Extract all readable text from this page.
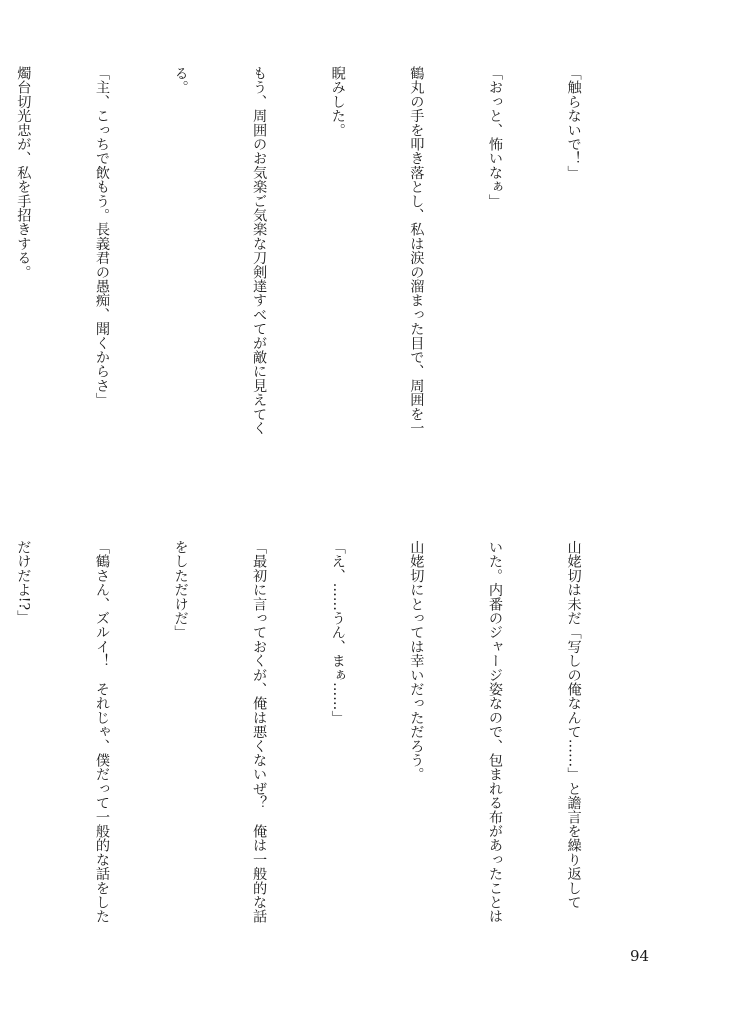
「触らないで！」

「おっと、怖いなぁ」

鶴丸の手を叩き落とし、私は涙の溜まった目で、周囲を一

睨みした。

もう、周囲のお気楽ご気楽な刀剣達すべてが敵に見えてく

る。

「主、こっちで飲もう。長義君の愚痴、聞くからさ」

燭台切光忠が、私を手招きする。

山姥切は未だ「写しの俺なんて……」と譫言を繰り返して

いた。内番のジャージ姿なので、包まれる布があったことは

山姥切にとっては幸いだっただろう。

「え、……うん、まぁ……」

「最初に言っておくが、俺は悪くないぜ？　俺は一般的な話

をしただけだ」

「鶴さん、ズルイ！　それじゃ、僕だって一般的な話をした

だけだよ!?」

94
